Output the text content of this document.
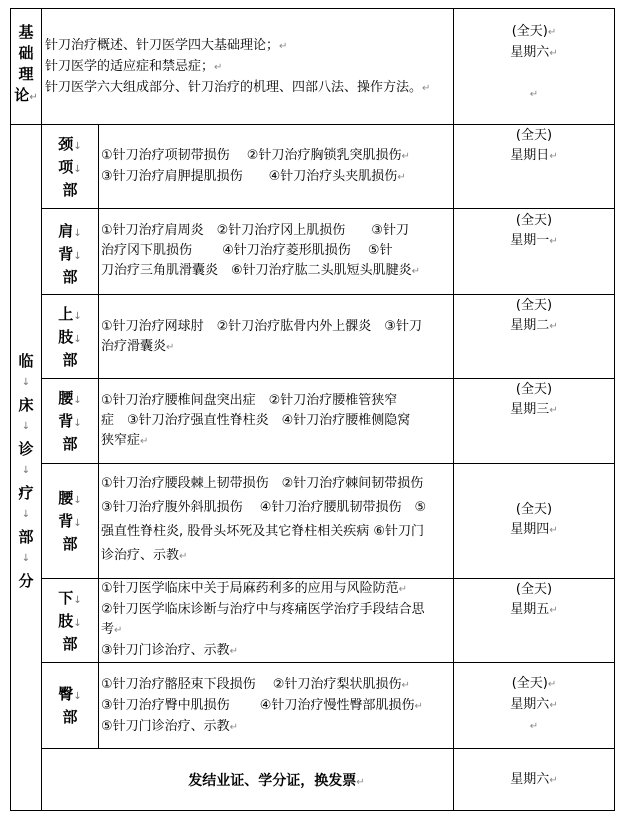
基
础
理
论↵
针刀治疗概述、针刀医学四大基础理论；↵
针刀医学的适应症和禁忌症；↵
针刀医学六大组成部分、针刀治疗的机理、四部八法、操作方法。↵
(全天)↵
星期六↵
↵
临
↓
床
↓
诊
↓
疗
↓
部
↓
分
颈↓
项↓
部
①针刀治疗项韧带损伤　 ②针刀治疗胸锁乳突肌损伤↵
③针刀治疗肩胛提肌损伤　　④针刀治疗头夹肌损伤↵
(全天)
星期日↵
肩↓
背↓
部
①针刀治疗肩周炎　②针刀治疗冈上肌损伤　　③针刀
治疗冈下肌损伤　　 ④针刀治疗菱形肌损伤　 ⑤针
刀治疗三角肌滑囊炎　⑥针刀治疗肱二头肌短头肌腱炎↵
(全天)
星期一↵
上↓
肢↓
部
①针刀治疗网球肘　②针刀治疗肱骨内外上髁炎　③针刀
治疗滑囊炎↵
(全天)
星期二↵
腰↓
背↓
部
①针刀治疗腰椎间盘突出症　②针刀治疗腰椎管狭窄
症　③针刀治疗强直性脊柱炎　④针刀治疗腰椎侧隐窝
狭窄症↵
(全天)
星期三↵
腰↓
背↓
部
①针刀治疗腰段棘上韧带损伤　②针刀治疗棘间韧带损伤
③针刀治疗腹外斜肌损伤　 ④针刀治疗腰肌韧带损伤　⑤
强直性脊柱炎, 股骨头坏死及其它脊柱相关疾病 ⑥针刀门
诊治疗、示教↵
(全天)
星期四↵
下↓
肢↓
部
①针刀医学临床中关于局麻药利多的应用与风险防范↵
②针刀医学临床诊断与治疗中与疼痛医学治疗手段结合思
考↵
③针刀门诊治疗、示教↵
(全天)
星期五↵
臀↓
部
①针刀治疗髂胫束下段损伤　 ②针刀治疗梨状肌损伤↵
③针刀治疗臀中肌损伤　　 ④针刀治疗慢性臀部肌损伤↵
⑤针刀门诊治疗、示教↵
(全天)↵
星期六↵
↵
发结业证、学分证，换发票↵	星期六↵
